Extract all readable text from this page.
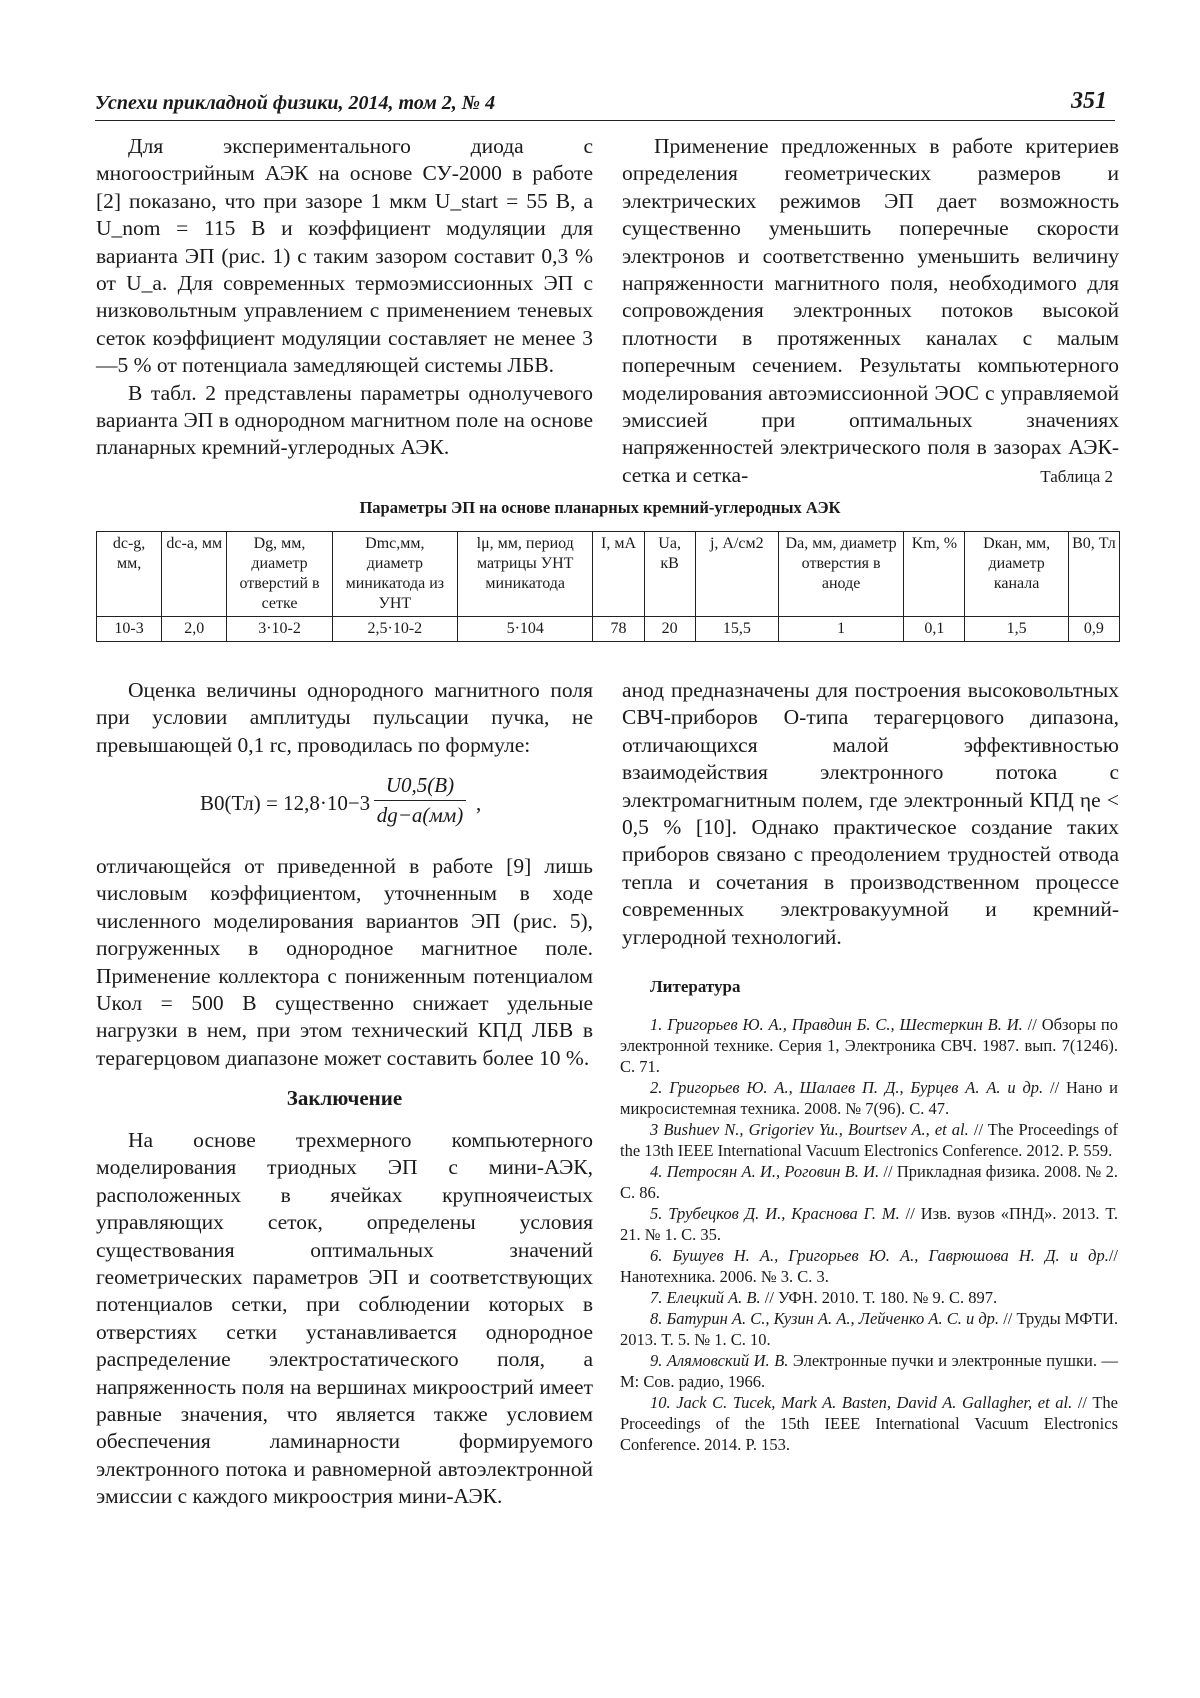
Успехи прикладной физики, 2014, том 2, № 4	351

Для экспериментального диода с многоострийным АЭК на основе СУ-2000 в работе [2] показано, что при зазоре 1 мкм U_start = 55 В, а U_nom = 115 В и коэффициент модуляции для варианта ЭП (рис. 1) с таким зазором составит 0,3 % от U_a. Для современных термоэмиссионных ЭП с низковольтным управлением с применением теневых сеток коэффициент модуляции составляет не менее 3—5 % от потенциала замедляющей системы ЛБВ.

В табл. 2 представлены параметры однолучевого варианта ЭП в однородном магнитном поле на основе планарных кремний-углеродных АЭК.

Применение предложенных в работе критериев определения геометрических размеров и электрических режимов ЭП дает возможность существенно уменьшить поперечные скорости электронов и соответственно уменьшить величину напряженности магнитного поля, необходимого для сопровождения электронных потоков высокой плотности в протяженных каналах с малым поперечным сечением. Результаты компьютерного моделирования автоэмиссионной ЭОС с управляемой эмиссией при оптимальных значениях напряженностей электрического поля в зазорах АЭК-сетка и сетка-	Таблица 2
Параметры ЭП на основе планарных кремний-углеродных АЭК
dс-g, мм,	dс-a, мм	Dg, мм, диаметр отверстий в сетке	Dmc,мм, диаметр миникатода из УНТ	lμ, мм, период матрицы УНТ миникатода	I, мА	Ua, кВ	j, А/см2	Da, мм, диаметр отверстия в аноде	Km, %	Dкан, мм, диаметр канала	B0, Тл
10-3	2,0	3·10-2	2,5·10-2	5·104	78	20	15,5	1	0,1	1,5	0,9

Оценка величины однородного магнитного поля при условии амплитуды пульсации пучка, не превышающей 0,1 rс, проводилась по формуле:

B0(Тл) = 12,8·10−3
U0,5(В)
dg−a(мм) ,

отличающейся от приведенной в работе [9] лишь числовым коэффициентом, уточненным в ходе численного моделирования вариантов ЭП (рис. 5), погруженных в однородное магнитное поле. Применение коллектора с пониженным потенциалом Uкол = 500 В существенно снижает удельные нагрузки в нем, при этом технический КПД ЛБВ в терагерцовом диапазоне может составить более 10 %.

Заключение

На основе трехмерного компьютерного моделирования триодных ЭП с мини-АЭК, расположенных в ячейках крупноячеистых управляющих сеток, определены условия существования оптимальных значений геометрических параметров ЭП и соответствующих потенциалов сетки, при соблюдении которых в отверстиях сетки устанавливается однородное распределение электростатического поля, а напряженность поля на вершинах микроострий имеет равные значения, что является также условием обеспечения ламинарности формируемого электронного потока и равномерной автоэлектронной эмиссии с каждого микроострия мини-АЭК.

анод предназначены для построения высоковольтных СВЧ-приборов О-типа терагерцового дипазона, отличающихся малой эффективностью взаимодействия электронного потока с электромагнитным полем, где электронный КПД ηе < 0,5 % [10]. Однако практическое создание таких приборов связано с преодолением трудностей отвода тепла и сочетания в производственном процессе современных электровакуумной и кремний-углеродной технологий.

Литература
1. Григорьев Ю. А., Правдин Б. С., Шестеркин В. И. // Обзоры по электронной технике. Серия 1, Электроника СВЧ. 1987. вып. 7(1246). С. 71.
2. Григорьев Ю. А., Шалаев П. Д., Бурцев А. А. и др. // Нано и микросистемная техника. 2008. № 7(96). С. 47.
3 Bushuev N., Grigoriev Yu., Bourtsev A., et al. // The Proceedings of the 13th IEEE International Vacuum Electronics Conference. 2012. P. 559.
4. Петросян А. И., Роговин В. И. // Прикладная физика. 2008. № 2. С. 86.
5. Трубецков Д. И., Краснова Г. М. // Изв. вузов «ПНД». 2013. Т. 21. № 1. С. 35.
6. Бушуев Н. А., Григорьев Ю. А., Гаврюшова Н. Д. и др.// Нанотехника. 2006. № 3. С. 3.
7. Елецкий А. В. // УФН. 2010. Т. 180. № 9. С. 897.
8. Батурин А. С., Кузин А. А., Лейченко А. С. и др. // Труды МФТИ. 2013. Т. 5. № 1. С. 10.
9. Алямовский И. В. Электронные пучки и электронные пушки. — М: Сов. радио, 1966.
10. Jack C. Tucek, Mark A. Basten, David A. Gallagher, et al. // The Proceedings of the 15th IEEE International Vacuum Electronics Conference. 2014. P. 153.
